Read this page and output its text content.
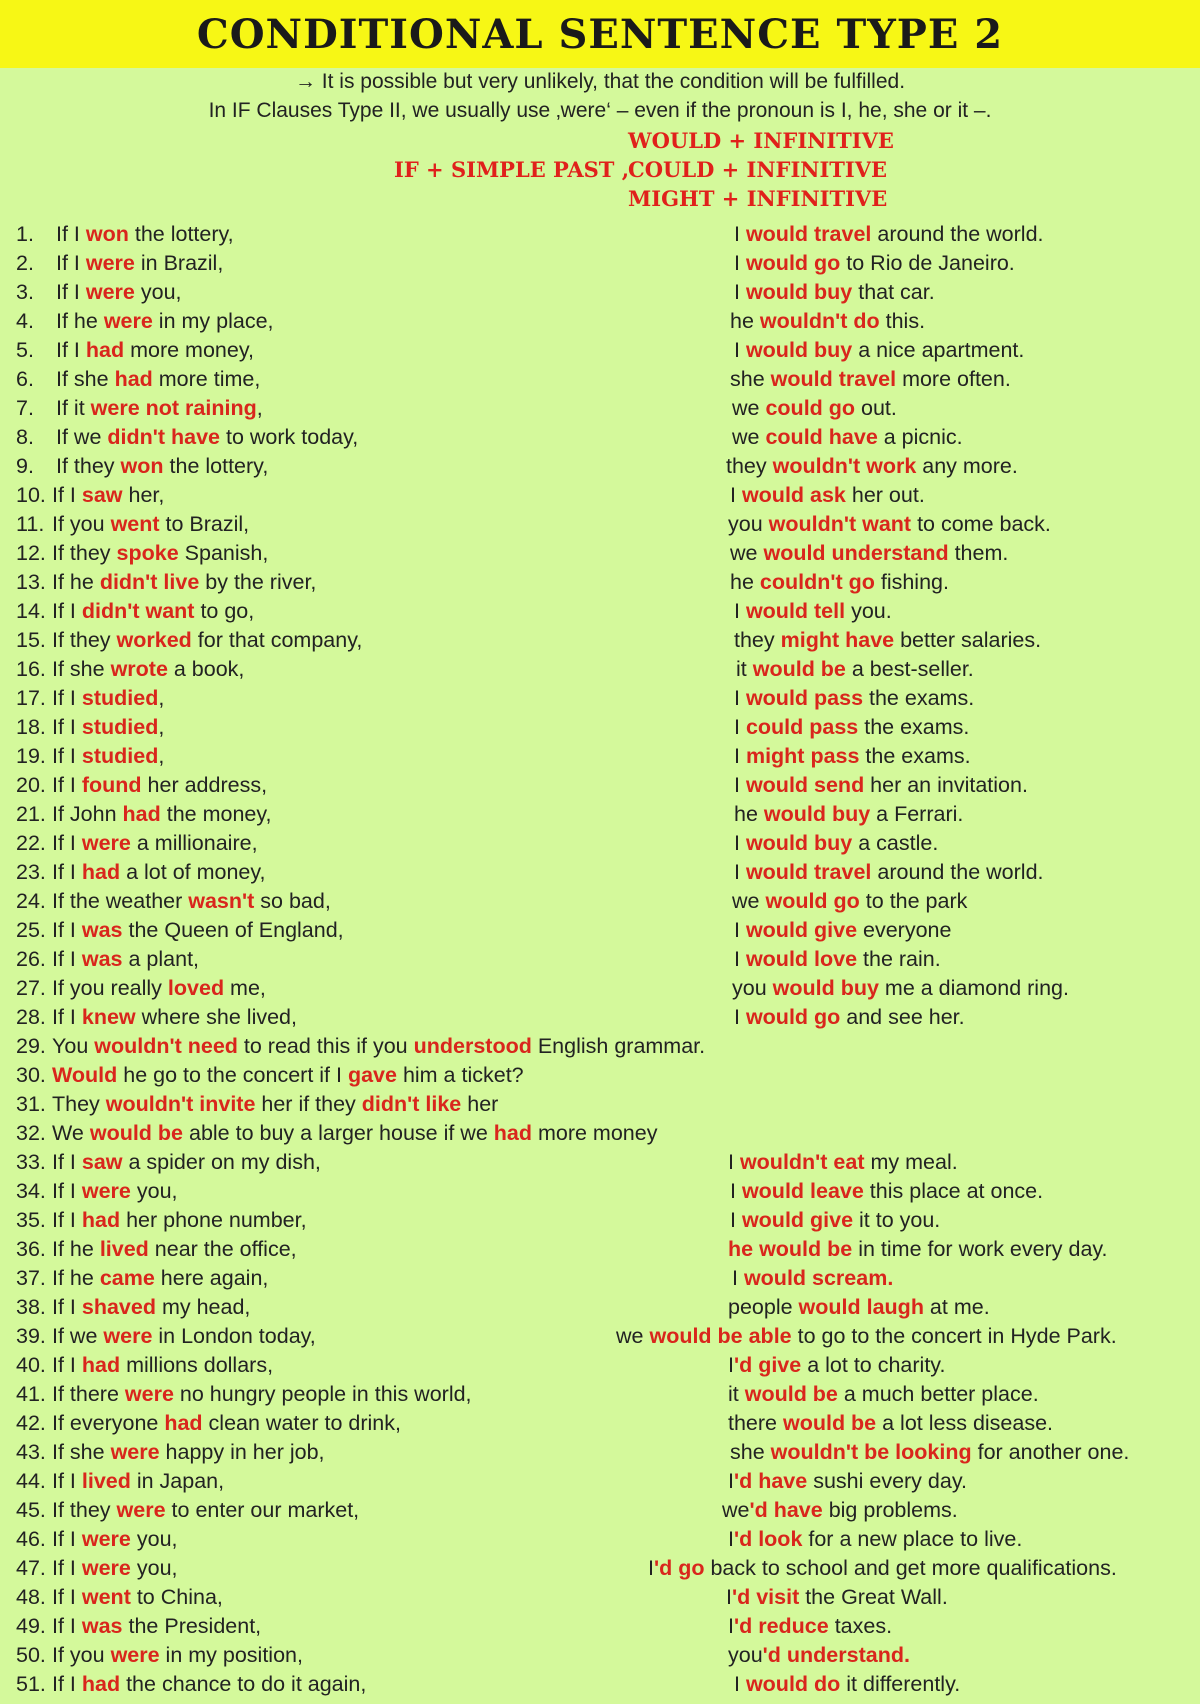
CONDITIONAL SENTENCE TYPE 2
→ It is possible but very unlikely, that the condition will be fulfilled.
In IF Clauses Type II, we usually use ‚were‘ – even if the pronoun is I, he, she or it –.
IF + SIMPLE PAST ,
WOULD + INFINITIVE
COULD + INFINITIVE
MIGHT + INFINITIVE
1. If I won the lottery,	I would travel around the world.
2. If I were in Brazil,	I would go to Rio de Janeiro.
3. If I were you,	I would buy that car.
4. If he were in my place,	he wouldn't do this.
5. If I had more money,	I would buy a nice apartment.
6. If she had more time,	she would travel more often.
7. If it were not raining,	we could go out.
8. If we didn't have to work today,	we could have a picnic.
9. If they won the lottery,	they wouldn't work any more.
10. If I saw her,	I would ask her out.
11. If you went to Brazil,	you wouldn't want to come back.
12. If they spoke Spanish,	we would understand them.
13. If he didn't live by the river,	he couldn't go fishing.
14. If I didn't want to go,	I would tell you.
15. If they worked for that company,	they might have better salaries.
16. If she wrote a book,	it would be a best-seller.
17. If I studied,	I would pass the exams.
18. If I studied,	I could pass the exams.
19. If I studied,	I might pass the exams.
20. If I found her address,	I would send her an invitation.
21. If John had the money,	he would buy a Ferrari.
22. If I were a millionaire,	I would buy a castle.
23. If I had a lot of money,	I would travel around the world.
24. If the weather wasn't so bad,	we would go to the park
25. If I was the Queen of England,	I would give everyone
26. If I was a plant,	I would love the rain.
27. If you really loved me,	you would buy me a diamond ring.
28. If I knew where she lived,	I would go and see her.
29. You wouldn't need to read this if you understood English grammar.
30. Would he go to the concert if I gave him a ticket?
31. They wouldn't invite her if they didn't like her
32. We would be able to buy a larger house if we had more money
33. If I saw a spider on my dish,	I wouldn't eat my meal.
34. If I were you,	I would leave this place at once.
35. If I had her phone number,	I would give it to you.
36. If he lived near the office,	he would be in time for work every day.
37. If he came here again,	I would scream.
38. If I shaved my head,	people would laugh at me.
39. If we were in London today,	we would be able to go to the concert in Hyde Park.
40. If I had millions dollars,	I'd give a lot to charity.
41. If there were no hungry people in this world,	it would be a much better place.
42. If everyone had clean water to drink,	there would be a lot less disease.
43. If she were happy in her job,	she wouldn't be looking for another one.
44. If I lived in Japan,	I'd have sushi every day.
45. If they were to enter our market,	we'd have big problems.
46. If I were you,	I'd look for a new place to live.
47. If I were you,	I'd go back to school and get more qualifications.
48. If I went to China,	I'd visit the Great Wall.
49. If I was the President,	I'd reduce taxes.
50. If you were in my position,	you'd understand.
51. If I had the chance to do it again,	I would do it differently.
